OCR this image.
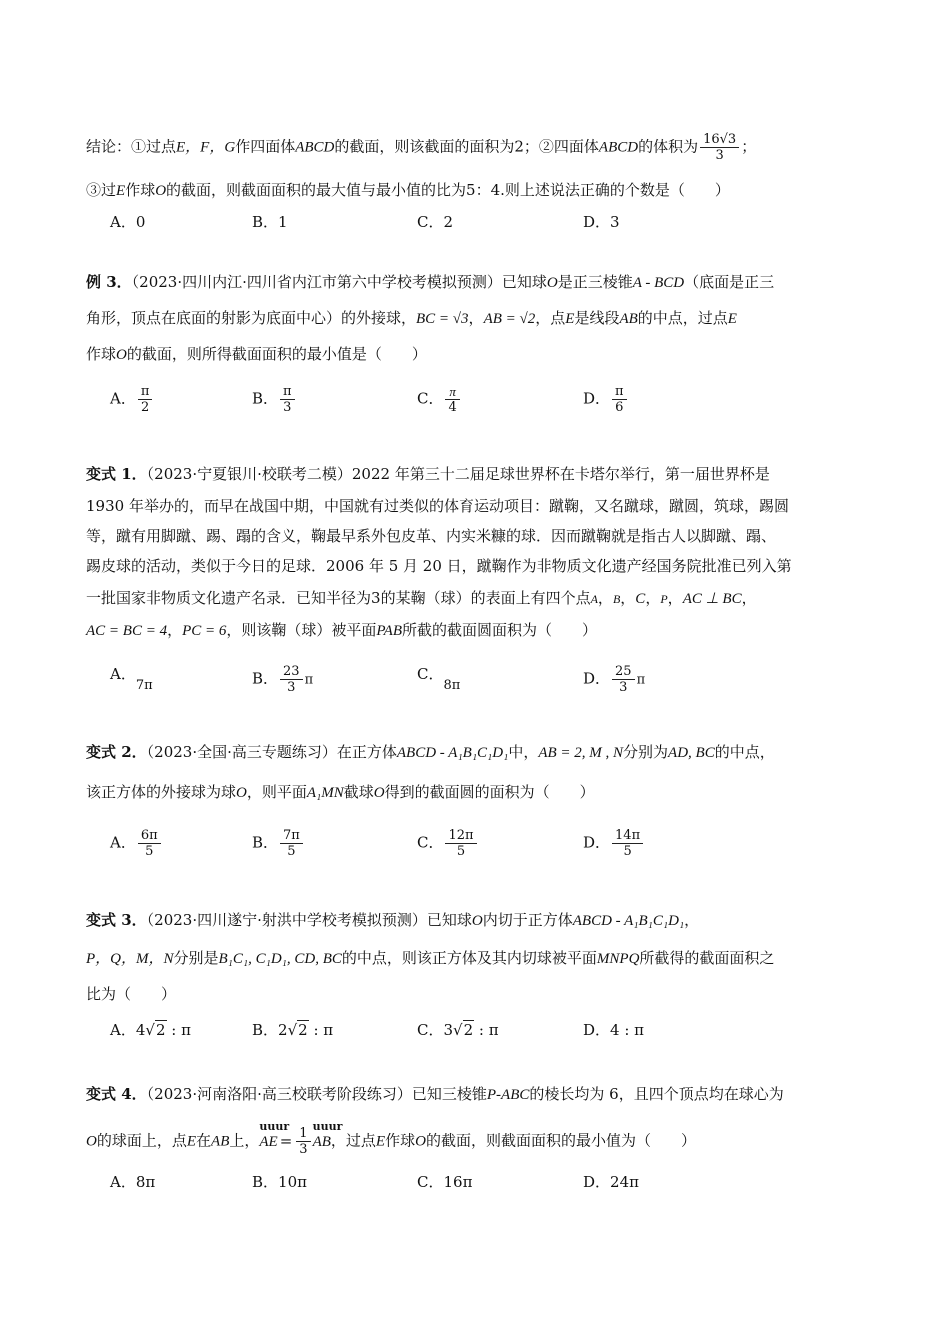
结论：①过点E，F，G作四面体ABCD的截面，则该截面的面积为2；②四面体ABCD的体积为 $\frac{16√3}{3}$ ；
③过E作球O的截面，则截面面积的最大值与最小值的比为5：4.则上述说法正确的个数是（　　）
A．0	B．1	C．2	D．3
例 3．（2023·四川内江·四川省内江市第六中学校考模拟预测）已知球O是正三棱锥A - BCD（底面是正三
角形，顶点在底面的射影为底面中心）的外接球，BC = √3，AB = √2，点E是线段AB的中点，过点E
作球O的截面，则所得截面面积的最小值是（　　）
A． $\frac{\pi}{2}$	B． $\frac{\pi}{3}$	C． $\frac{\pi}{4}$	D． $\frac{\pi}{6}$
变式 1．（2023·宁夏银川·校联考二模）2022 年第三十二届足球世界杯在卡塔尔举行，第一届世界杯是
1930 年举办的，而早在战国中期，中国就有过类似的体育运动项目：蹴鞠，又名蹴球，蹴圆，筑球，踢圆
等，蹴有用脚蹴、踢、蹋的含义，鞠最早系外包皮革、内实米糠的球．因而蹴鞠就是指古人以脚蹴、蹋、
踢皮球的活动，类似于今日的足球．2006 年 5 月 20 日，蹴鞠作为非物质文化遗产经国务院批准已列入第
一批国家非物质文化遗产名录．已知半径为3的某鞠（球）的表面上有四个点A，B，C，P，AC ⊥ BC，
AC = BC = 4，PC = 6，则该鞠（球）被平面PAB所截的截面圆面积为（　　）
A．7π	B． $\frac{23}{3}$ π	C．8π	D． $\frac{25}{3}$ π
变式 2．（2023·全国·高三专题练习）在正方体ABCD - A₁B₁C₁D₁中，AB = 2, M , N分别为AD, BC的中点，
该正方体的外接球为球O，则平面A₁MN截球O得到的截面圆的面积为（　　）
A． $\frac{6\pi}{5}$	B． $\frac{7\pi}{5}$	C． $\frac{12\pi}{5}$	D． $\frac{14\pi}{5}$
变式 3．（2023·四川遂宁·射洪中学校考模拟预测）已知球O内切于正方体ABCD - A₁B₁C₁D₁，
P，Q，M，N分别是B₁C₁, C₁D₁, CD, BC的中点，则该正方体及其内切球被平面MNPQ所截得的截面面积之
比为（　　）
A．4√2 : π	B．2√2 : π	C．3√2 : π	D．4 : π
变式 4．（2023·河南洛阳·高三校联考阶段练习）已知三棱锥P-ABC的棱长均为 6，且四个顶点均在球心为
O的球面上，点E在AB上，
uuur
AE = $\frac{1}{3}$ uuur
AB，过点E作球O的截面，则截面面积的最小值为（　　）
A．8π	B．10π	C．16π	D．24π
